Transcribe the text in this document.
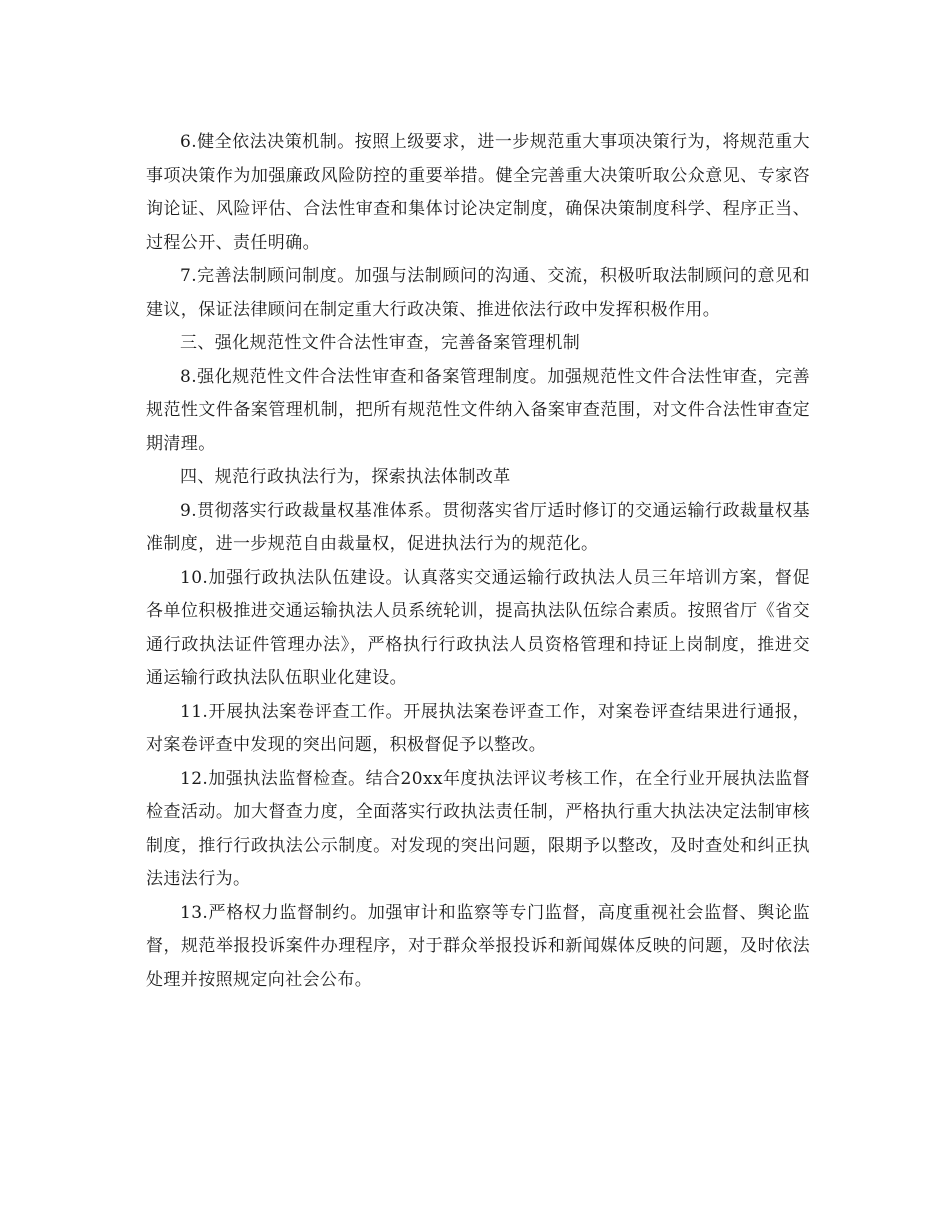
6.健全依法决策机制。按照上级要求，进一步规范重大事项决策行为，将规范重大事项决策作为加强廉政风险防控的重要举措。健全完善重大决策听取公众意见、专家咨询论证、风险评估、合法性审查和集体讨论决定制度，确保决策制度科学、程序正当、过程公开、责任明确。

7.完善法制顾问制度。加强与法制顾问的沟通、交流，积极听取法制顾问的意见和建议，保证法律顾问在制定重大行政决策、推进依法行政中发挥积极作用。

三、强化规范性文件合法性审查，完善备案管理机制

8.强化规范性文件合法性审查和备案管理制度。加强规范性文件合法性审查，完善规范性文件备案管理机制，把所有规范性文件纳入备案审查范围，对文件合法性审查定期清理。

四、规范行政执法行为，探索执法体制改革

9.贯彻落实行政裁量权基准体系。贯彻落实省厅适时修订的交通运输行政裁量权基准制度，进一步规范自由裁量权，促进执法行为的规范化。

10.加强行政执法队伍建设。认真落实交通运输行政执法人员三年培训方案，督促各单位积极推进交通运输执法人员系统轮训，提高执法队伍综合素质。按照省厅《省交通行政执法证件管理办法》，严格执行行政执法人员资格管理和持证上岗制度，推进交通运输行政执法队伍职业化建设。

11.开展执法案卷评查工作。开展执法案卷评查工作，对案卷评查结果进行通报，对案卷评查中发现的突出问题，积极督促予以整改。

12.加强执法监督检查。结合20xx年度执法评议考核工作，在全行业开展执法监督检查活动。加大督查力度，全面落实行政执法责任制，严格执行重大执法决定法制审核制度，推行行政执法公示制度。对发现的突出问题，限期予以整改，及时查处和纠正执法违法行为。

13.严格权力监督制约。加强审计和监察等专门监督，高度重视社会监督、舆论监督，规范举报投诉案件办理程序，对于群众举报投诉和新闻媒体反映的问题，及时依法处理并按照规定向社会公布。
